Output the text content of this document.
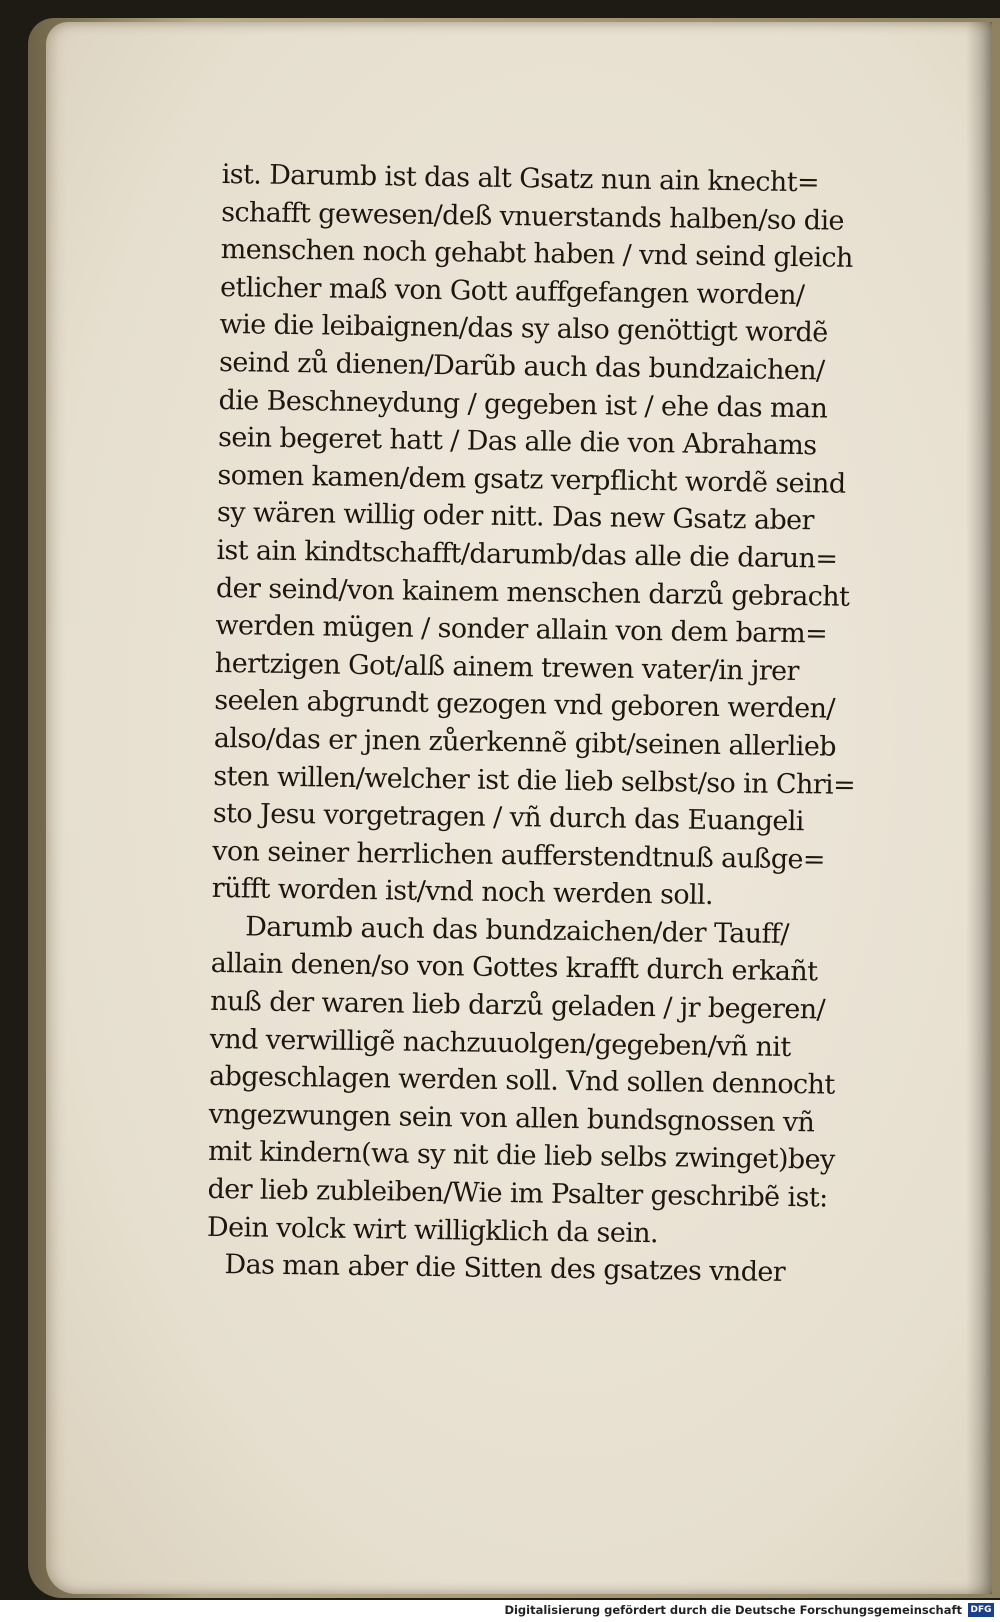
ist. Darumb ist das alt Gsatz nun ain knecht=
schafft gewesen/deß vnuerstands halben/so die
menschen noch gehabt haben / vnd seind gleich
etlicher maß von Gott auffgefangen worden/
wie die leibaignen/das sy also genöttigt wordẽ
seind zů dienen/Darũb auch das bundzaichen/
die Beschneydung / gegeben ist / ehe das man
sein begeret hatt / Das alle die von Abrahams
somen kamen/dem gsatz verpflicht wordẽ seind
sy wären willig oder nitt. Das new Gsatz aber
ist ain kindtschafft/darumb/das alle die darun=
der seind/von kainem menschen darzů gebracht
werden mügen / sonder allain von dem barm=
hertzigen Got/alß ainem trewen vater/in jrer
seelen abgrundt gezogen vnd geboren werden/
also/das er jnen zůerkennẽ gibt/seinen allerlieb
sten willen/welcher ist die lieb selbst/so in Chri=
sto Jesu vorgetragen / vñ durch das Euangeli
von seiner herrlichen aufferstendtnuß außge=
rüfft worden ist/vnd noch werden soll.
Darumb auch das bundzaichen/der Tauff/
allain denen/so von Gottes krafft durch erkañt
nuß der waren lieb darzů geladen / jr begeren/
vnd verwilligẽ nachzuuolgen/gegeben/vñ nit
abgeschlagen werden soll. Vnd sollen dennocht
vngezwungen sein von allen bundsgnossen vñ
mit kindern(wa sy nit die lieb selbs zwinget)bey
der lieb zubleiben/Wie im Psalter geschribẽ ist:
Dein volck wirt willigklich da sein.
Das man aber die Sitten des gsatzes vnder
Digitalisierung gefördert durch die Deutsche Forschungsgemeinschaft DFG
